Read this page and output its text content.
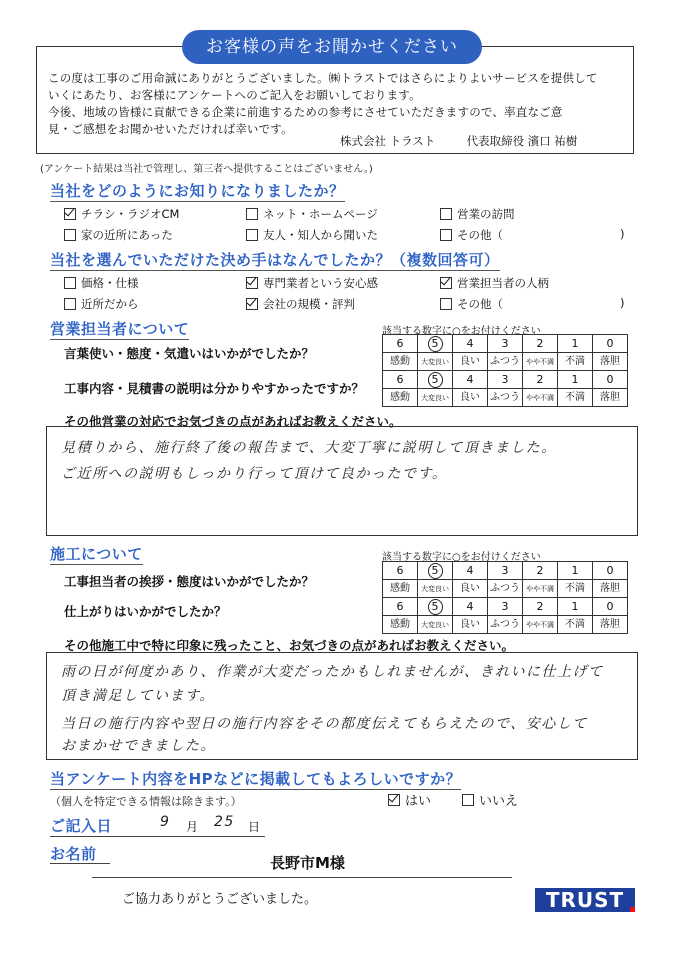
お客様の声をお聞かせください
この度は工事のご用命誠にありがとうございました。㈱トラストではさらによりよいサービスを提供して
いくにあたり、お客様にアンケートへのご記入をお願いしております。
今後、地域の皆様に貢献できる企業に前進するための参考にさせていただきますので、率直なご意
見・ご感想をお聞かせいただければ幸いです。
株式会社 トラスト	代表取締役 濱口 祐樹
(アンケート結果は当社で管理し、第三者へ提供することはございません。)
当社をどのようにお知りになりましたか？
チラシ・ラジオCM	ネット・ホームページ	営業の訪問
家の近所にあった	友人・知人から聞いた	その他（	)
当社を選んでいただけた決め手はなんでしたか？（複数回答可）
価格・仕様	専門業者という安心感	営業担当者の人柄
近所だから	会社の規模・評判	その他（	)
営業担当者について	該当する数字に○をお付けください
言葉使い・態度・気遣いはいかがでしたか？
工事内容・見積書の説明は分かりやすかったですか？
6	5	4	3	2	1	0
感動	大変良い	良い	ふつう	やや不満	不満	落胆
6	5	4	3	2	1	0
感動	大変良い	良い	ふつう	やや不満	不満	落胆
その他営業の対応でお気づきの点があればお教えください。
見積りから、施行終了後の報告まで、大変丁寧に説明して頂きました。
ご近所への説明もしっかり行って頂けて良かったです。
施工について	該当する数字に○をお付けください
工事担当者の挨拶・態度はいかがでしたか？
仕上がりはいかがでしたか？
6	5	4	3	2	1	0
感動	大変良い	良い	ふつう	やや不満	不満	落胆
6	5	4	3	2	1	0
感動	大変良い	良い	ふつう	やや不満	不満	落胆
その他施工中で特に印象に残ったこと、お気づきの点があればお教えください。
雨の日が何度かあり、作業が大変だったかもしれませんが、きれいに仕上げて
頂き満足しています。
当日の施行内容や翌日の施行内容をその都度伝えてもらえたので、安心して
おまかせできました。
当アンケート内容をHPなどに掲載してもよろしいですか？
（個人を特定できる情報は除きます。）	はい	いいえ
ご記入日	9 月 25 日
お名前	長野市M様
ご協力ありがとうございました。	TRUST
